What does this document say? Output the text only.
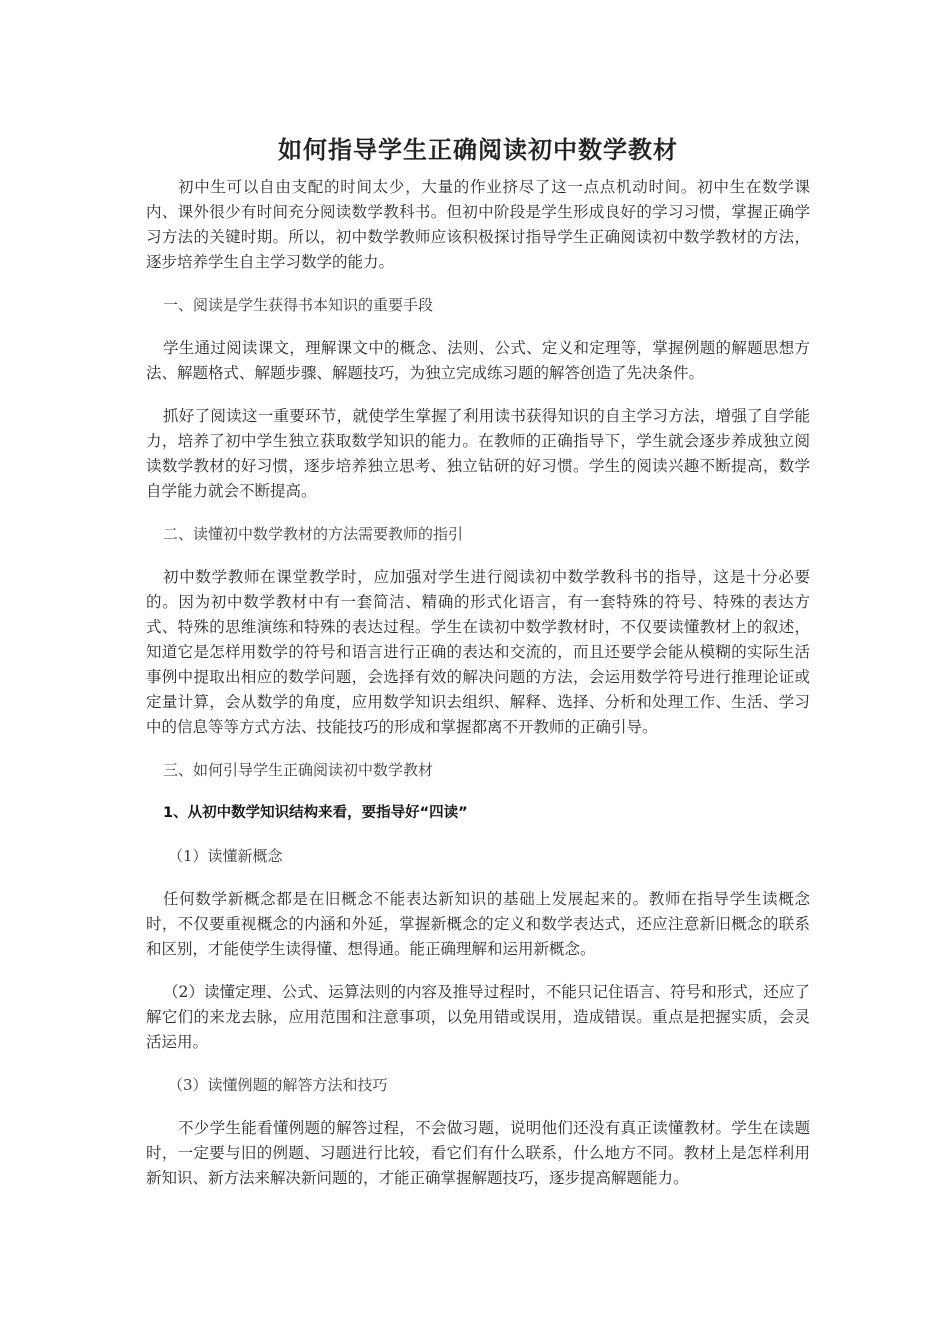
如何指导学生正确阅读初中数学教材

初中生可以自由支配的时间太少，大量的作业挤尽了这一点点机动时间。初中生在数学课内、课外很少有时间充分阅读数学教科书。但初中阶段是学生形成良好的学习习惯，掌握正确学习方法的关键时期。所以，初中数学教师应该积极探讨指导学生正确阅读初中数学教材的方法，逐步培养学生自主学习数学的能力。

一、阅读是学生获得书本知识的重要手段

学生通过阅读课文，理解课文中的概念、法则、公式、定义和定理等，掌握例题的解题思想方法、解题格式、解题步骤、解题技巧，为独立完成练习题的解答创造了先决条件。

抓好了阅读这一重要环节，就使学生掌握了利用读书获得知识的自主学习方法，增强了自学能力，培养了初中学生独立获取数学知识的能力。在教师的正确指导下，学生就会逐步养成独立阅读数学教材的好习惯，逐步培养独立思考、独立钻研的好习惯。学生的阅读兴趣不断提高，数学自学能力就会不断提高。

二、读懂初中数学教材的方法需要教师的指引

初中数学教师在课堂教学时，应加强对学生进行阅读初中数学教科书的指导，这是十分必要的。因为初中数学教材中有一套简洁、精确的形式化语言，有一套特殊的符号、特殊的表达方式、特殊的思维演练和特殊的表达过程。学生在读初中数学教材时，不仅要读懂教材上的叙述，知道它是怎样用数学的符号和语言进行正确的表达和交流的，而且还要学会能从模糊的实际生活事例中提取出相应的数学问题，会选择有效的解决问题的方法，会运用数学符号进行推理论证或定量计算，会从数学的角度，应用数学知识去组织、解释、选择、分析和处理工作、生活、学习中的信息等等方式方法、技能技巧的形成和掌握都离不开教师的正确引导。

三、如何引导学生正确阅读初中数学教材

1、从初中数学知识结构来看，要指导好“四读”

（1）读懂新概念

任何数学新概念都是在旧概念不能表达新知识的基础上发展起来的。教师在指导学生读概念时，不仅要重视概念的内涵和外延，掌握新概念的定义和数学表达式，还应注意新旧概念的联系和区别，才能使学生读得懂、想得通。能正确理解和运用新概念。

（2）读懂定理、公式、运算法则的内容及推导过程时，不能只记住语言、符号和形式，还应了解它们的来龙去脉，应用范围和注意事项，以免用错或误用，造成错误。重点是把握实质，会灵活运用。

（3）读懂例题的解答方法和技巧

不少学生能看懂例题的解答过程，不会做习题，说明他们还没有真正读懂教材。学生在读题时，一定要与旧的例题、习题进行比较，看它们有什么联系，什么地方不同。教材上是怎样利用新知识、新方法来解决新问题的，才能正确掌握解题技巧，逐步提高解题能力。
